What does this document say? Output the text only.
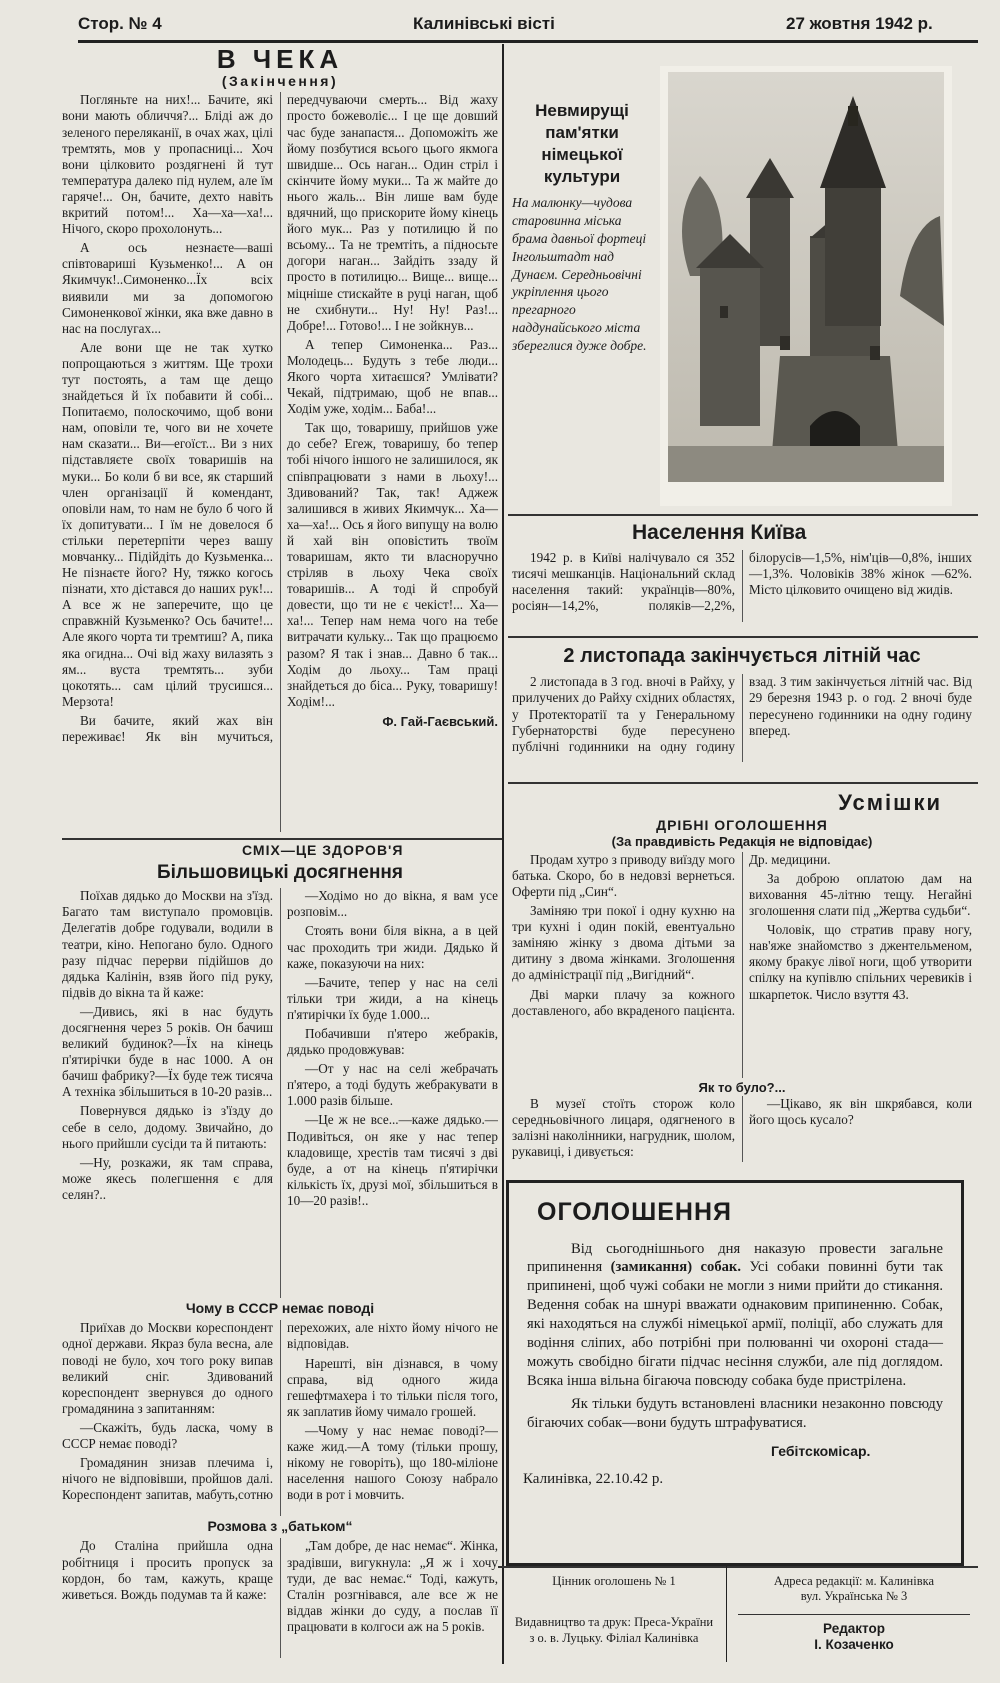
Стор. № 4	Калинівські вісті	27 жовтня 1942 р.
В ЧЕКА
(Закінчення)

Погляньте на них!... Бачите, які вони мають обличчя?... Бліді аж до зеленого переляканії, в очах жах, цілі тремтять, мов у пропасниці... Хоч вони цілковито роздягнені й тут температура далеко під нулем, але їм гаряче!... Он, бачите, дехто навіть вкритий потом!... Ха—ха—ха!... Нічого, скоро прохолонуть...

А ось незнаєте—ваші співтовариші Кузьменко!... А он Якимчук!..Симоненко...Їх всіх виявили ми за допомогою Симоненкової жінки, яка вже давно в нас на послугах...

Але вони ще не так хутко попрощаються з життям. Ще трохи тут постоять, а там ще дещо знайдеться й їх побавити й собі... Попитаємо, полоскочимо, щоб вони нам, оповіли те, чого ви не хочете нам сказати... Ви—егоїст... Ви з них підставляєте своїх товаришів на муки... Бо коли б ви все, як старший член організації й комендант, оповіли нам, то нам не було б чого й їх допитувати... І їм не довелося б стільки перетерпіти через вашу мовчанку... Підійдіть до Кузьменка... Не пізнаєте його? Ну, тяжко когось пізнати, хто дістався до наших рук!... А все ж не заперечите, що це справжній Кузьменко? Ось бачите!... Але якого чорта ти тремтиш? А, пика яка огидна... Очі від жаху вилазять з ям... вуста тремтять... зуби цокотять... сам цілий трусишся... Мерзота!

Ви бачите, який жах він переживає! Як він мучиться, передчуваючи смерть... Від жаху просто божеволіє... І це ще довший час буде занапастя... Допоможіть же йому позбутися всього цього якмога швидше... Ось наган... Один стріл і скінчите йому муки... Та ж майте до нього жаль... Він лише вам буде вдячний, що прискорите йому кінець його мук... Раз у потилицю й по всьому... Та не тремтіть, а підносьте догори наган... Зайдіть ззаду й просто в потилицю... Вище... вище... міцніше стискайте в руці наган, щоб не схибнути... Ну! Ну! Раз!... Добре!... Готово!... І не зойкнув...

А тепер Симоненка... Раз... Молодець... Будуть з тебе люди... Якого чорта хитаєшся? Умлівати? Чекай, підтримаю, щоб не впав... Ходім уже, ходім... Баба!...

Так що, товаришу, прийшов уже до себе? Егеж, товаришу, бо тепер тобі нічого іншого не залишилося, як співпрацювати з нами в льоху!... Здивований? Так, так! Аджеж залишився в живих Якимчук... Ха—ха—ха!... Ось я його випущу на волю й хай він оповістить твоїм товаришам, якто ти власноручно стріляв в льоху Чека своїх товаришів... А тоді й спробуй довести, що ти не є чекіст!... Ха—ха!... Тепер нам нема чого на тебе витрачати кульку... Так що працюємо разом? Я так і знав... Давно б так... Ходім до льоху... Там праці знайдеться до біса... Руку, товаришу! Ходім!...

Ф. Гай-Гаєвський.
СМІХ—ЦЕ ЗДОРОВ'Я
Більшовицькі досягнення

Поїхав дядько до Москви на з'їзд. Багато там виступало промовців. Делегатів добре годували, водили в театри, кіно. Непогано було. Одного разу підчас перерви підійшов до дядька Калінін, взяв його під руку, підвів до вікна та й каже:

—Дивись, які в нас будуть досягнення через 5 років. Он бачиш великий будинок?—Їх на кінець п'ятирічки буде в нас 1000. А он бачиш фабрику?—Їх буде теж тисяча А техніка збільшиться в 10-20 разів...

Повернувся дядько із з'їзду до себе в село, додому. Звичайно, до нього прийшли сусіди та й питають:

—Ну, розкажи, як там справа, може якесь полегшення є для селян?..

—Ходімо но до вікна, я вам усе розповім...

Стоять вони біля вікна, а в цей час проходить три жиди. Дядько й каже, показуючи на них:

—Бачите, тепер у нас на селі тільки три жиди, а на кінець п'ятирічки їх буде 1.000...

Побачивши п'ятеро жебраків, дядько продовжував:

—От у нас на селі жебрачать п'ятеро, а тоді будуть жебракувати в 1.000 разів більше.

—Це ж не все...—каже дядько.—Подивіться, он яке у нас тепер кладовище, хрестів там тисячі з дві буде, а от на кінець п'ятирічки кількість їх, друзі мої, збільшиться в 10—20 разів!..

Чому в СССР немає поводі

Приїхав до Москви кореспондент одної держави. Якраз була весна, але поводі не було, хоч того року випав великий сніг. Здивований кореспондент звернувся до одного громадянина з запитанням:

—Скажіть, будь ласка, чому в СССР немає поводі?

Громадянин знизав плечима і, нічого не відповівши, пройшов далі. Кореспондент запитав, мабуть,сотню перехожих, але ніхто йому нічого не відповідав.

Нарешті, він дізнався, в чому справа, від одного жида гешефтмахера і то тільки після того, як заплатив йому чимало грошей.

—Чому у нас немає поводі?—каже жид.—А тому (тільки прошу, нікому не говоріть), що 180-міліоне населення нашого Союзу набрало води в рот і мовчить.

Розмова з „батьком“

До Сталіна прийшла одна робітниця і просить пропуск за кордон, бо там, кажуть, краще живеться. Вождь подумав та й каже:

„Там добре, де нас немає“. Жінка, зрадівши, вигукнула: „Я ж і хочу туди, де вас немає.“ Тоді, кажуть, Сталін розгнівався, але все ж не віддав жінки до суду, а послав її працювати в колгоси аж на 5 років.

Невмирущі пам'ятки німецької культури

На малюнку—чудова старовинна міська брама давньої фортеці Інгольштадт над Дунаєм. Середньовічні укріплення цього прегарного наддунайського міста збереглися дуже добре.

Населення Київа

1942 р. в Київі налічувало ся 352 тисячі мешканців. Національний склад населення такий: українців—80%, росіян—14,2%, поляків—2,2%, білорусів—1,5%, нім'ців—0,8%, інших —1,3%. Чоловіків 38% жінок —62%. Місто цілковито очищено від жидів.

2 листопада закінчується літній час

2 листопада в 3 год. вночі в Райху, у прилучених до Райху східних областях, у Протекторатії та у Генеральному Губернаторстві буде пересунено публічні годинники на одну годину взад. З тим закінчується літній час. Від 29 березня 1943 р. о год. 2 вночі буде пересунено годинники на одну годину вперед.

Усмішки
ДРІБНІ ОГОЛОШЕННЯ
(За правдивість Редакція не відповідає)

Продам хутро з приводу виїзду мого батька. Скоро, бо в недовзі вернеться. Оферти під „Син“.

Заміняю три покої і одну кухню на три кухні і один покій, евентуально заміняю жінку з двома дітьми за дитину з двома жінками. Зголошення до адміністрації під „Вигідний“.

Дві марки плачу за кожного доставленого, або вкраденого пацієнта. Др. медицини.

За доброю оплатою дам на виховання 45-літню тещу. Негайні зголошення слати під „Жертва судьби“.

Чоловік, що стратив праву ногу, нав'яже знайомство з джентельменом, якому бракує лівої ноги, щоб утворити спілку на купівлю спільних черевиків і шкарпеток. Число взуття 43.

Як то було?...

В музеї стоїть сторож коло середньовічного лицаря, одягненого в залізні наколінники, нагрудник, шолом, рукавиці, і дивується:

—Цікаво, як він шкрябався, коли його щось кусало?

ОГОЛОШЕННЯ

Від сьогоднішнього дня наказую провести загальне припинення (замикання) собак. Усі собаки повинні бути так припинені, щоб чужі собаки не могли з ними прийти до стикання. Ведення собак на шнурі вважати однаковим припиненню. Собак, які находяться на службі німецької армії, поліції, або служать для водіння сліпих, або потрібні при полюванні чи охороні стада—можуть свобідно бігати підчас несіння служби, але під доглядом. Всяка інша вільна бігаюча повсюду собака буде пристрілена.

Як тільки будуть встановлені власники незаконно повсюду бігаючих собак—вони будуть штрафуватися.

Гебітскомісар.
Калинівка, 22.10.42 р.
Цінник оголошень № 1
Видавництво та друк: Преса-України
з о. в. Луцьку. Філіал Калинівка
Адреса редакції: м. Калинівка
вул. Українська № 3
Редактор
І. Козаченко
